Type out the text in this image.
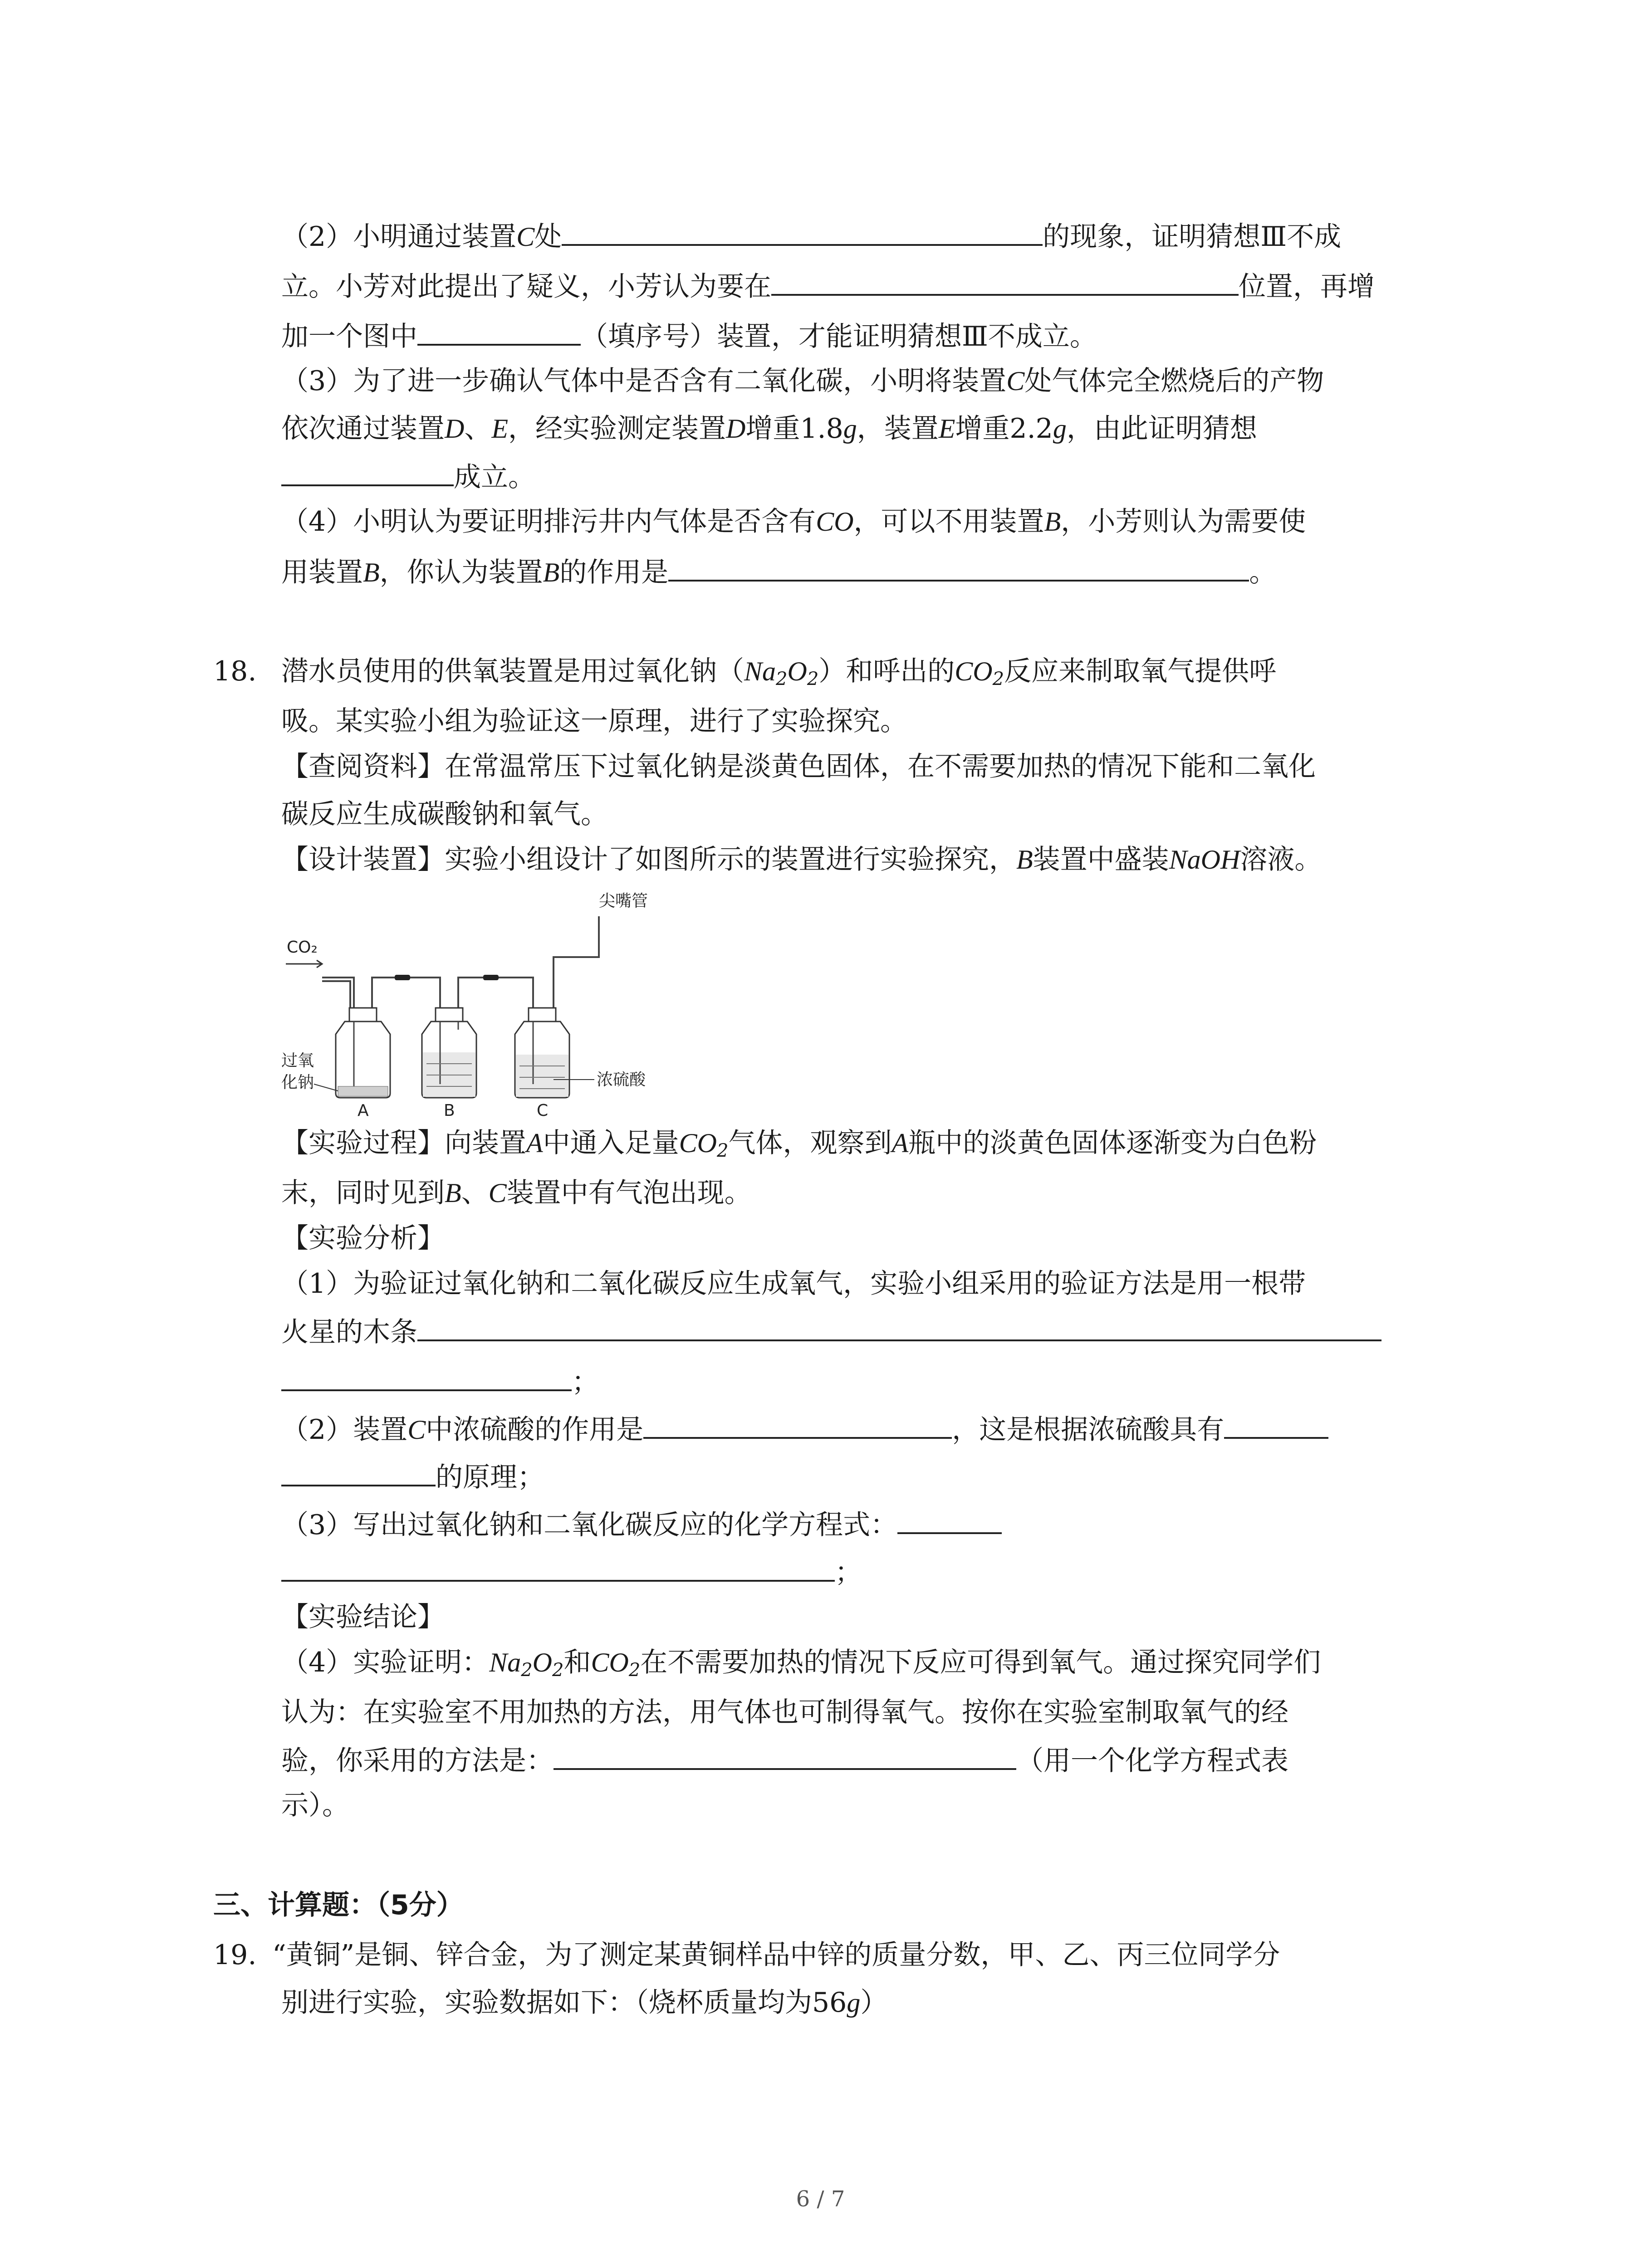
（2）小明通过装置C处	的现象，证明猜想Ⅲ不成
立。小芳对此提出了疑义，小芳认为要在	位置，再增
加一个图中	（填序号）装置，才能证明猜想Ⅲ不成立。
（3）为了进一步确认气体中是否含有二氧化碳，小明将装置C处气体完全燃烧后的产物
依次通过装置D、E，经实验测定装置D增重1.8g，装置E增重2.2g，由此证明猜想
成立。
（4）小明认为要证明排污井内气体是否含有CO，可以不用装置B，小芳则认为需要使
用装置B，你认为装置B的作用是	。
18. 潜水员使用的供氧装置是用过氧化钠$(Na_2O_2)$和呼出的$CO_2$反应来制取氧气提供呼
吸。某实验小组为验证这一原理，进行了实验探究。
【查阅资料】在常温常压下过氧化钠是淡黄色固体，在不需要加热的情况下能和二氧化
碳反应生成碳酸钠和氧气。
【设计装置】实验小组设计了如图所示的装置进行实验探究，B装置中盛装NaOH溶液。
尖嘴管
CO₂
浓硫酸
过氧
化钠
A	B	C
【实验过程】向装置A中通入足量$CO_2$气体，观察到A瓶中的淡黄色固体逐渐变为白色粉
末，同时见到B、C装置中有气泡出现。
【实验分析】
（1）为验证过氧化钠和二氧化碳反应生成氧气，实验小组采用的验证方法是用一根带
火星的木条
；
（2）装置C中浓硫酸的作用是	，这是根据浓硫酸具有
的原理；
（3）写出过氧化钠和二氧化碳反应的化学方程式：
；
【实验结论】
（4）实验证明：$Na_2O_2$和$CO_2$在不需要加热的情况下反应可得到氧气。通过探究同学们
认为：在实验室不用加热的方法，用气体也可制得氧气。按你在实验室制取氧气的经
验，你采用的方法是：	（用一个化学方程式表
示）。
三、计算题：（5分）
19. “黄铜”是铜、锌合金，为了测定某黄铜样品中锌的质量分数，甲、乙、丙三位同学分
别进行实验，实验数据如下：（烧杯质量均为56g）
6 / 7
